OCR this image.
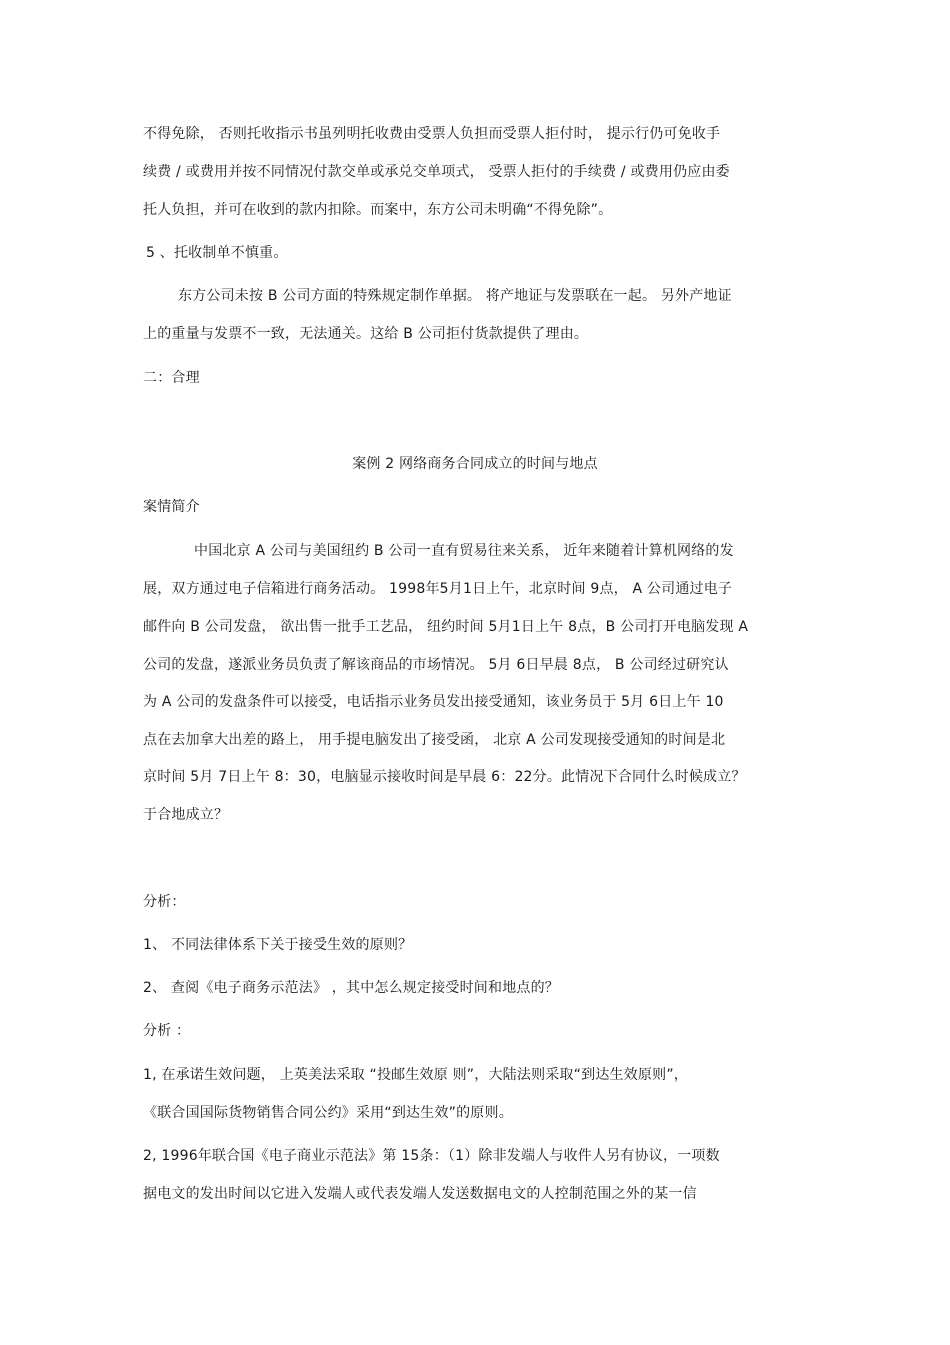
不得免除， 否则托收指示书虽列明托收费由受票人负担而受票人拒付时， 提示行仍可免收手
续费 / 或费用并按不同情况付款交单或承兑交单项式， 受票人拒付的手续费 / 或费用仍应由委
托人负担，并可在收到的款内扣除。而案中，东方公司未明确“不得免除”。
5 、托收制单不慎重。
东方公司未按 B 公司方面的特殊规定制作单据。 将产地证与发票联在一起。 另外产地证
上的重量与发票不一致，无法通关。这给 B 公司拒付货款提供了理由。
二：合理
案例 2 网络商务合同成立的时间与地点
案情简介
中国北京 A 公司与美国纽约 B 公司一直有贸易往来关系， 近年来随着计算机网络的发
展，双方通过电子信箱进行商务活动。 1998年5月1日上午，北京时间 9点， A 公司通过电子
邮件向 B 公司发盘， 欲出售一批手工艺品， 纽约时间 5月1日上午 8点，B 公司打开电脑发现 A
公司的发盘，遂派业务员负责了解该商品的市场情况。 5月 6日早晨 8点， B 公司经过研究认
为 A 公司的发盘条件可以接受，电话指示业务员发出接受通知，该业务员于 5月 6日上午 10
点在去加拿大出差的路上， 用手提电脑发出了接受函， 北京 A 公司发现接受通知的时间是北
京时间 5月 7日上午 8：30，电脑显示接收时间是早晨 6：22分。此情况下合同什么时候成立？
于合地成立？
分析：
1、 不同法律体系下关于接受生效的原则？
2、 查阅《电子商务示范法》 ，其中怎么规定接受时间和地点的？
分析 ：
1, 在承诺生效问题， 上英美法采取 “投邮生效原 则”，大陆法则采取“到达生效原则”，
《联合国国际货物销售合同公约》采用“到达生效”的原则。
2, 1996年联合国《电子商业示范法》第 15条：（1）除非发端人与收件人另有协议，一项数
据电文的发出时间以它进入发端人或代表发端人发送数据电文的人控制范围之外的某一信
